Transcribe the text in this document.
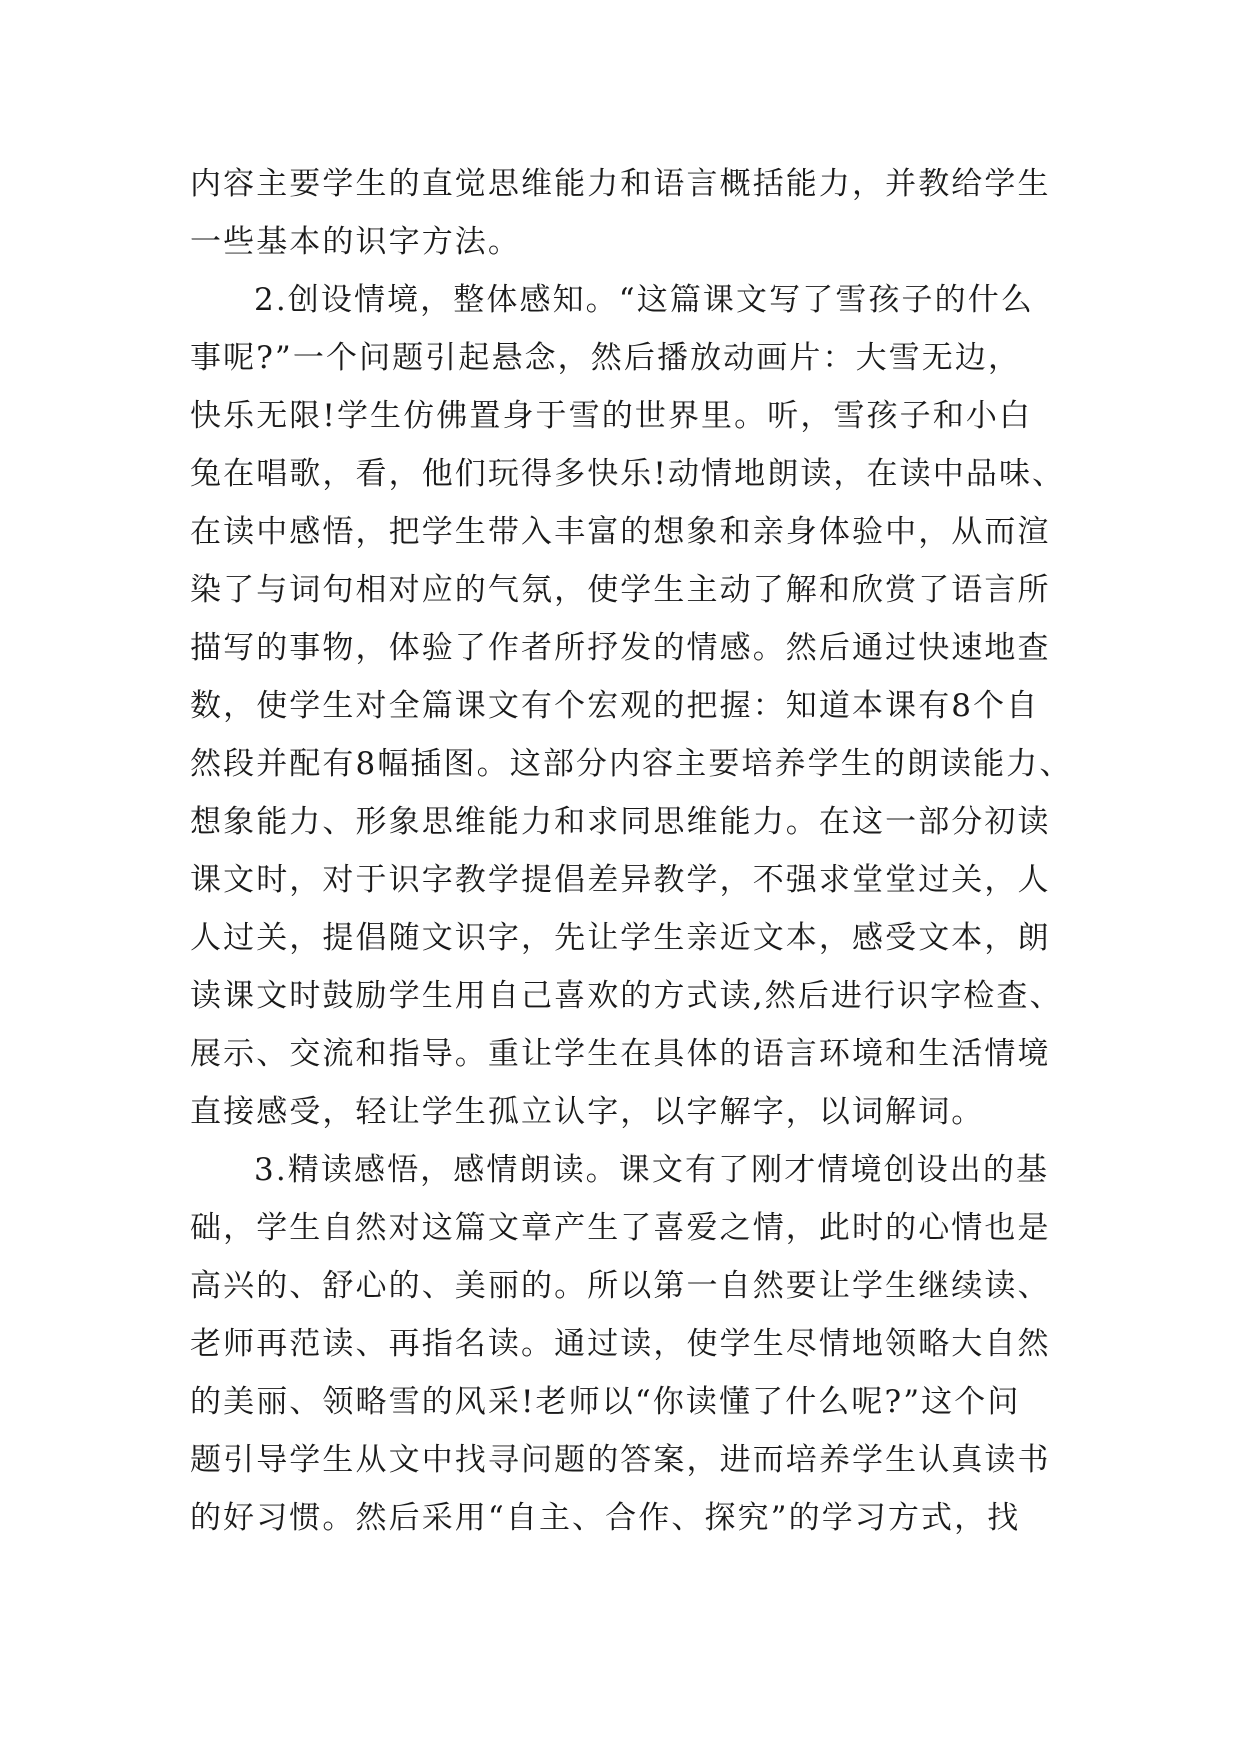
内容主要学生的直觉思维能力和语言概括能力，并教给学生
一些基本的识字方法。
2.创设情境，整体感知。“这篇课文写了雪孩子的什么
事呢?”一个问题引起悬念，然后播放动画片：大雪无边，
快乐无限!学生仿佛置身于雪的世界里。听，雪孩子和小白
兔在唱歌，看，他们玩得多快乐!动情地朗读，在读中品味、
在读中感悟，把学生带入丰富的想象和亲身体验中，从而渲
染了与词句相对应的气氛，使学生主动了解和欣赏了语言所
描写的事物，体验了作者所抒发的情感。然后通过快速地查
数，使学生对全篇课文有个宏观的把握：知道本课有8个自
然段并配有8幅插图。这部分内容主要培养学生的朗读能力、
想象能力、形象思维能力和求同思维能力。在这一部分初读
课文时，对于识字教学提倡差异教学，不强求堂堂过关，人
人过关，提倡随文识字，先让学生亲近文本，感受文本，朗
读课文时鼓励学生用自己喜欢的方式读,然后进行识字检查、
展示、交流和指导。重让学生在具体的语言环境和生活情境
直接感受，轻让学生孤立认字，以字解字，以词解词。
3.精读感悟，感情朗读。课文有了刚才情境创设出的基
础，学生自然对这篇文章产生了喜爱之情，此时的心情也是
高兴的、舒心的、美丽的。所以第一自然要让学生继续读、
老师再范读、再指名读。通过读，使学生尽情地领略大自然
的美丽、领略雪的风采!老师以“你读懂了什么呢?”这个问
题引导学生从文中找寻问题的答案，进而培养学生认真读书
的好习惯。然后采用“自主、合作、探究”的学习方式，找
